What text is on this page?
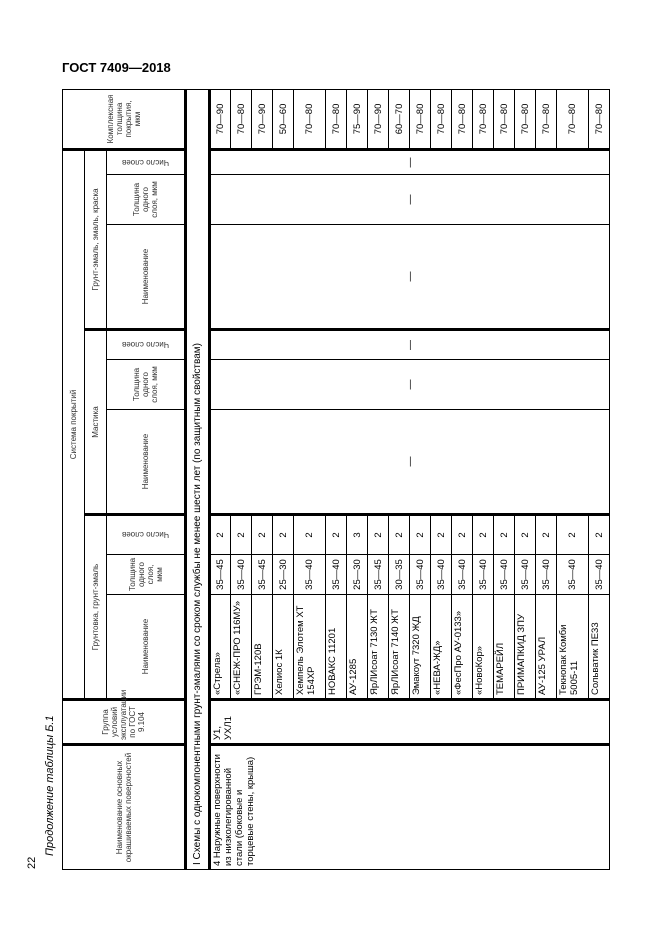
ГОСТ 7409—2018
22
Продолжение таблицы Б.1	Наименование основных окрашиваемых поверхностей	Группа условий эксплуатации по ГОСТ 9.104	Система покрытий									Комплексная толщина покрытия, мкм
		Грунтовка, грунт-эмаль			Мастика			Грунт-эмаль, эмаль, краска			
		Наименование	Толщина одного слоя, мкм	Число слоев	Наименование	Толщина одного слоя, мкм	Число слоев	Наименование	Толщина одного слоя, мкм	Число слоев	

I Схемы с однокомпонентными грунт-эмалями со сроком службы не менее шести лет (по защитным свойствам)											
4 Наружные поверхности из низколегированной стали (боковые и торцевые стены, крыша)	У1, УХЛ1	«Стрела»	35—45	2	—	—	—	—	—	—	70—90
		«СНЕЖ-ПРО 116МУ»	35—40	2							70—80
		ГРЭМ-120В	35—45	2							70—90
		Хелиос 1К	25—30	2							50—60
		Хемпель Элотем ХТ 154ХР	35—40	2							70—80
		НОВАКС 11201	35—40	2							70—80
		АУ-1285	25—30	3							75—90
		ЯрЛИсоат 7130 ЖТ	35—45	2							70—90
		ЯрЛИсоат 7140 ЖТ	30—35	2							60—70
		Эмакоут 7320 ЖД	35—40	2							70—80
		«НЕВА-ЖД»	35—40	2							70—80
		«ФесПро АУ-0133»	35—40	2							70—80
		«НовоКор»	35—40	2							70—80
		ТЕМАРЕЙЛ	35—40	2							70—80
		ПРИМАПКИД ЗПУ	35—40	2							70—80
		АУ-125 УРАЛ	35—40	2							70—80
		Текнопак Комби 5005-11	35—40	2							70—80
		Сольватик ПЕ33	35—40	2							70—80
